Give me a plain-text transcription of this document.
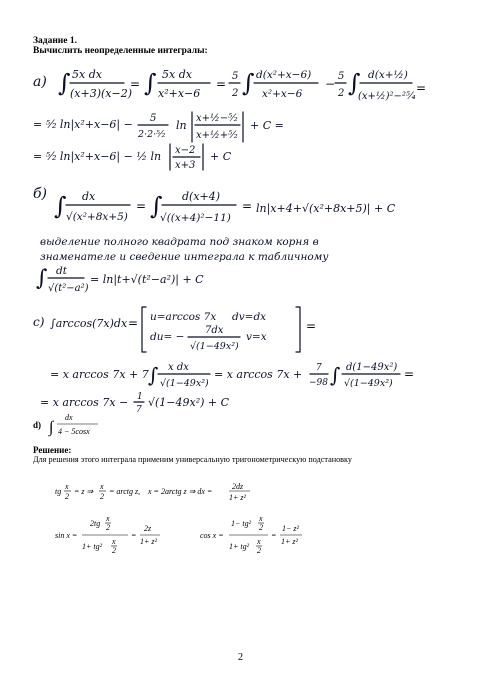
Задание 1.
Вычислить неопределенные интегралы:
a) ∫ 5x dx
(x+3)(x−2)
= ∫ 5x dx
x²+x−6
=
5
2 ∫ d(x²+x−6)
x²+x−6
−
5
2 ∫ d(x+½)
(x+½)²−²⁵⁄₄
=
= ⁵⁄₂ ln|x²+x−6| − 5
2·2·⁵⁄₂
ln
x+½−⁵⁄₂
x+½+⁵⁄₂
+ C =
= ⁵⁄₂ ln|x²+x−6| − ½ ln x−2
x+3
+ C
б) ∫ dx
√(x²+8x+5)
= ∫ d(x+4)
√((x+4)²−11)
= ln|x+4+√(x²+8x+5)| + C
выделение полного квадрата под знаком корня в
знаменателе и сведение интеграла к табличному
∫ dt
√(t²−a²)
= ln|t+√(t²−a²)| + C
c) ∫arccos(7x)dx = u=arccos 7x dv=dx
du= −
7dx
√(1−49x²)
v=x
=
= x arccos 7x + 7 ∫ x dx
√(1−49x²)
= x arccos 7x + 7
−98 ∫ d(1−49x²)
√(1−49x²)
=
= x arccos 7x − 1
7
√(1−49x²) + C
d) ∫
dx
4 − 5cosx
tg
x
2
= z ⇒
x
2
= arctg z, x = 2arctg z ⇒ dx =
2dz
1+ z²
sin x =
2tg
x
2
1+ tg²
x
2
=
2z
1+ z²
cos x =
1− tg²
x
2
1+ tg²
x
2
=
1− z²
1+ z²
Решение:
Для решения этого интеграла применим универсальную тригонометрическую подстановку
2
